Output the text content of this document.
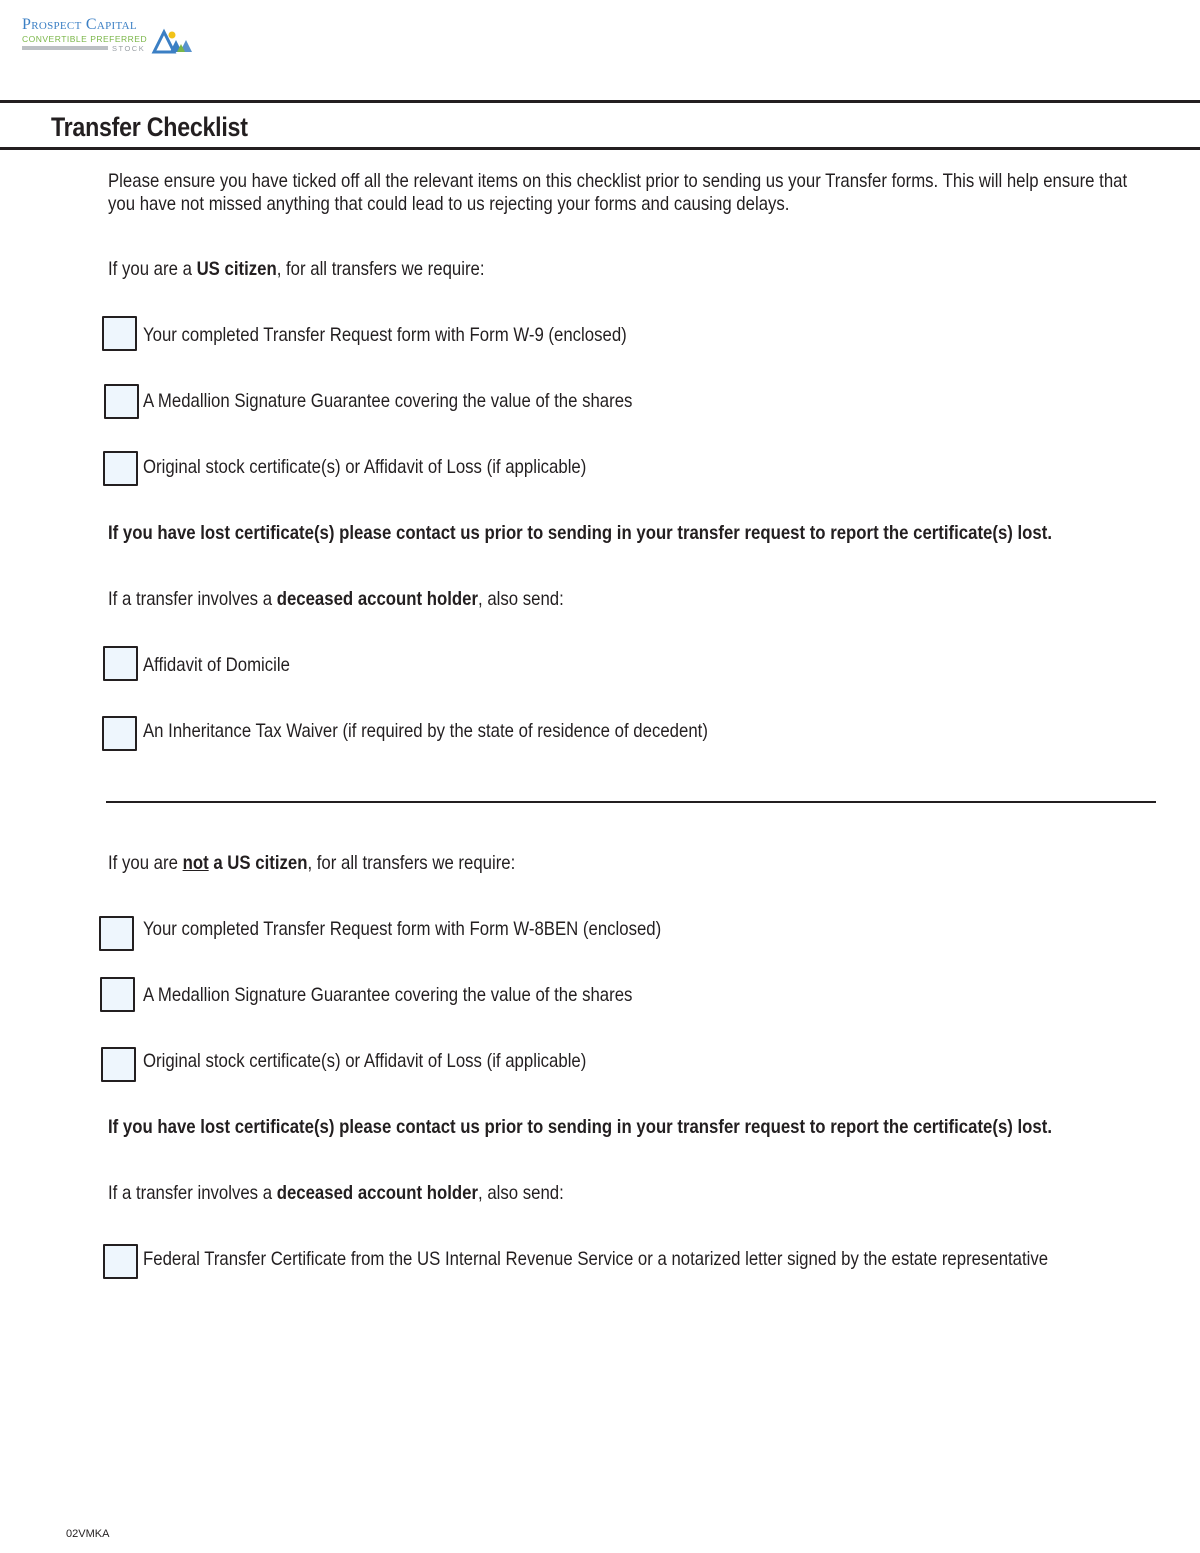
Prospect Capital
CONVERTIBLE PREFERRED
STOCK
Transfer Checklist
Please ensure you have ticked off all the relevant items on this checklist prior to sending us your Transfer forms. This will help ensure that you have not missed anything that could lead to us rejecting your forms and causing delays.
If you are a US citizen, for all transfers we require:
Your completed Transfer Request form with Form W-9 (enclosed)
A Medallion Signature Guarantee covering the value of the shares
Original stock certificate(s) or Affidavit of Loss (if applicable)
If you have lost certificate(s) please contact us prior to sending in your transfer request to report the certificate(s) lost.
If a transfer involves a deceased account holder, also send:
Affidavit of Domicile
An Inheritance Tax Waiver (if required by the state of residence of decedent)
If you are not a US citizen, for all transfers we require:
Your completed Transfer Request form with Form W-8BEN (enclosed)
A Medallion Signature Guarantee covering the value of the shares
Original stock certificate(s) or Affidavit of Loss (if applicable)
If you have lost certificate(s) please contact us prior to sending in your transfer request to report the certificate(s) lost.
If a transfer involves a deceased account holder, also send:
Federal Transfer Certificate from the US Internal Revenue Service or a notarized letter signed by the estate representative
02VMKA
